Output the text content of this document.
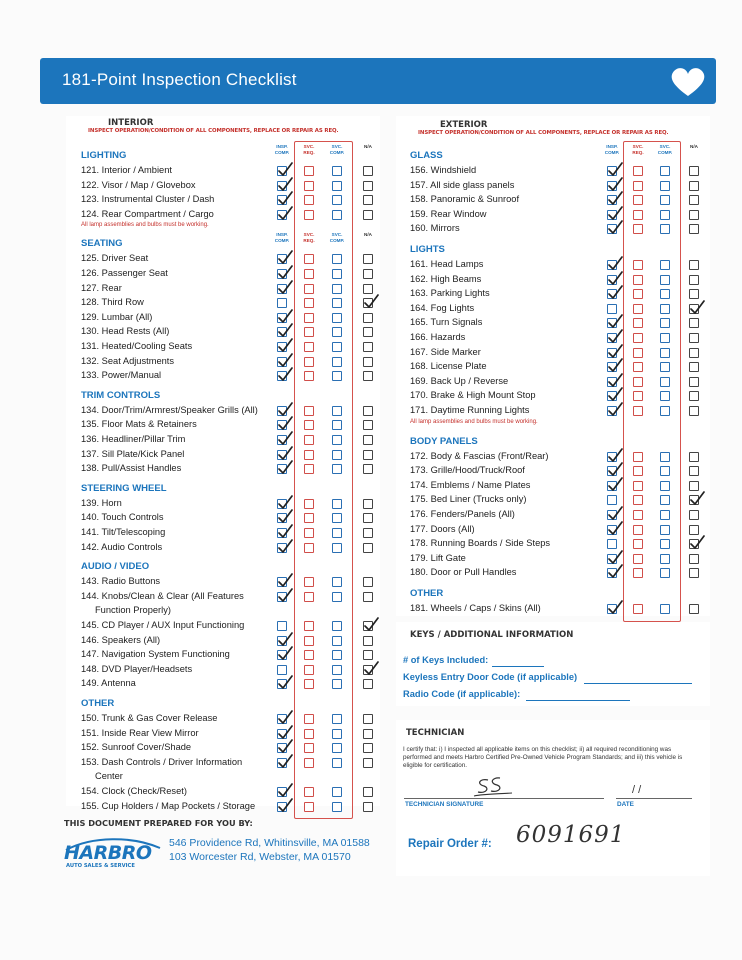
181-Point Inspection Checklist
INTERIOR
INSPECT OPERATION/CONDITION OF ALL COMPONENTS, REPLACE OR REPAIR AS REQ.
LIGHTING
INSP.
COMP.
SVC.
REQ.
SVC.
COMP.
N/A
121. Interior / Ambient
122. Visor / Map / Glovebox
123. Instrumental Cluster / Dash
124. Rear Compartment / Cargo
All lamp assemblies and bulbs must be working.
SEATING
INSP.
COMP.
SVC.
REQ.
SVC.
COMP.
N/A
125. Driver Seat
126. Passenger Seat
127. Rear
128. Third Row
129. Lumbar (All)
130. Head Rests (All)
131. Heated/Cooling Seats
132. Seat Adjustments
133. Power/Manual
TRIM CONTROLS
134. Door/Trim/Armrest/Speaker Grills (All)
135. Floor Mats & Retainers
136. Headliner/Pillar Trim
137. Sill Plate/Kick Panel
138. Pull/Assist Handles
STEERING WHEEL
139. Horn
140. Touch Controls
141. Tilt/Telescoping
142. Audio Controls
AUDIO / VIDEO
143. Radio Buttons
144. Knobs/Clean & Clear (All Features
Function Properly)
145. CD Player / AUX Input Functioning
146. Speakers (All)
147. Navigation System Functioning
148. DVD Player/Headsets
149. Antenna
OTHER
150. Trunk & Gas Cover Release
151. Inside Rear View Mirror
152. Sunroof Cover/Shade
153. Dash Controls / Driver Information
Center
154. Clock (Check/Reset)
155. Cup Holders / Map Pockets / Storage
EXTERIOR
INSPECT OPERATION/CONDITION OF ALL COMPONENTS, REPLACE OR REPAIR AS REQ.
GLASS
INSP.
COMP.
SVC.
REQ.
SVC.
COMP.
N/A
156. Windshield
157. All side glass panels
158. Panoramic & Sunroof
159. Rear Window
160. Mirrors
LIGHTS
161. Head Lamps
162. High Beams
163. Parking Lights
164. Fog Lights
165. Turn Signals
166. Hazards
167. Side Marker
168. License Plate
169. Back Up / Reverse
170. Brake & High Mount Stop
171. Daytime Running Lights
All lamp assemblies and bulbs must be working.
BODY PANELS
172. Body & Fascias (Front/Rear)
173. Grille/Hood/Truck/Roof
174. Emblems / Name Plates
175. Bed Liner (Trucks only)
176. Fenders/Panels (All)
177. Doors (All)
178. Running Boards / Side Steps
179. Lift Gate
180. Door or Pull Handles
OTHER
181. Wheels / Caps / Skins (All)
KEYS / ADDITIONAL INFORMATION
# of Keys Included:
Keyless Entry Door Code (if applicable)
Radio Code (if applicable):
TECHNICIAN
I certify that: i) I inspected all applicable items on this checklist; ii) all required reconditioning was performed and meets Harbro Certified Pre-Owned Vehicle Program Standards; and iii) this vehicle is eligible for certification.
TECHNICIAN SIGNATURE
/ /
DATE
THIS DOCUMENT PREPARED FOR YOU BY:
HARBRO
AUTO SALES & SERVICE
546 Providence Rd, Whitinsville, MA 01588
103 Worcester Rd, Webster, MA 01570
Repair Order #: 6091691
